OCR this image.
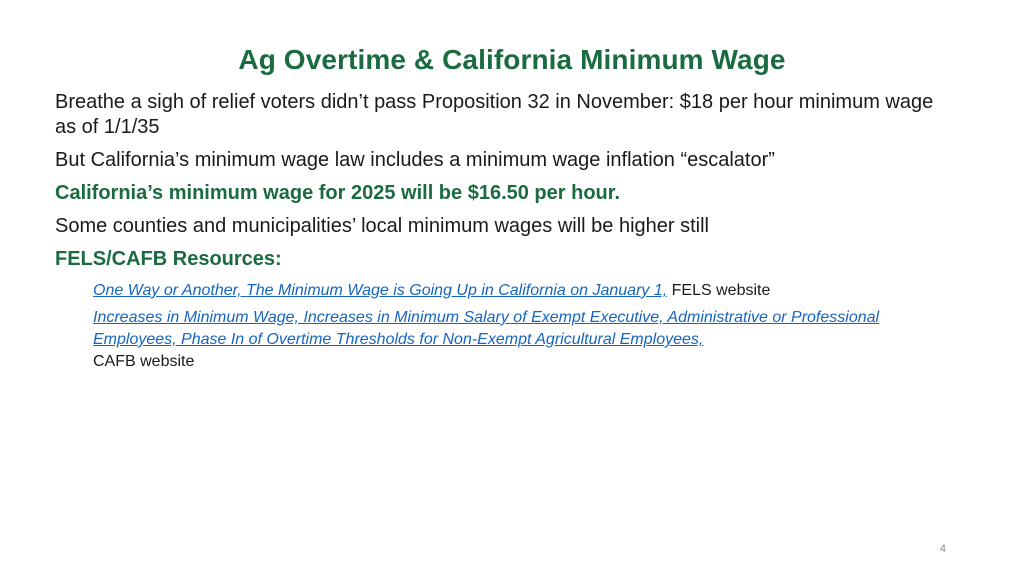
Ag Overtime & California Minimum Wage
Breathe a sigh of relief voters didn’t pass Proposition 32 in November: $18 per hour minimum wage as of 1/1/35
But California’s minimum wage law includes a minimum wage inflation “escalator”
California’s minimum wage for 2025 will be $16.50 per hour.
Some counties and municipalities’ local minimum wages will be higher still
FELS/CAFB Resources:
One Way or Another, The Minimum Wage is Going Up in California on January 1, FELS website
Increases in Minimum Wage, Increases in Minimum Salary of Exempt Executive, Administrative or Professional Employees, Phase In of Overtime Thresholds for Non-Exempt Agricultural Employees,
CAFB website
4
